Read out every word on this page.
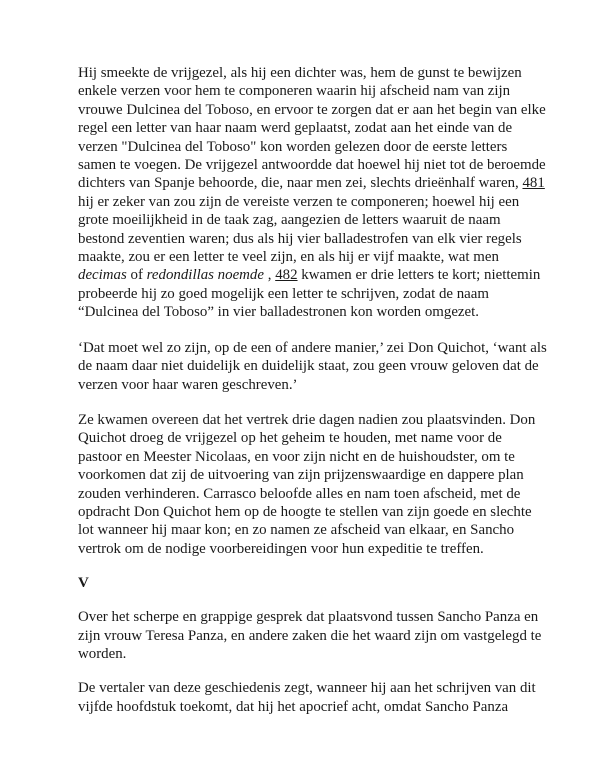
Hij smeekte de vrijgezel, als hij een dichter was, hem de gunst te bewijzen enkele verzen voor hem te componeren waarin hij afscheid nam van zijn vrouwe Dulcinea del Toboso, en ervoor te zorgen dat er aan het begin van elke regel een letter van haar naam werd geplaatst, zodat aan het einde van de verzen "Dulcinea del Toboso" kon worden gelezen door de eerste letters samen te voegen. De vrijgezel antwoordde dat hoewel hij niet tot de beroemde dichters van Spanje behoorde, die, naar men zei, slechts drieënhalf waren, 481 hij er zeker van zou zijn de vereiste verzen te componeren; hoewel hij een grote moeilijkheid in de taak zag, aangezien de letters waaruit de naam bestond zeventien waren; dus als hij vier balladestrofen van elk vier regels maakte, zou er een letter te veel zijn, en als hij er vijf maakte, wat men decimas of redondillas noemde , 482 kwamen er drie letters te kort; niettemin probeerde hij zo goed mogelijk een letter te schrijven, zodat de naam “Dulcinea del Toboso” in vier balladestronen kon worden omgezet.

‘Dat moet wel zo zijn, op de een of andere manier,’ zei Don Quichot, ‘want als de naam daar niet duidelijk en duidelijk staat, zou geen vrouw geloven dat de verzen voor haar waren geschreven.’

Ze kwamen overeen dat het vertrek drie dagen nadien zou plaatsvinden. Don Quichot droeg de vrijgezel op het geheim te houden, met name voor de pastoor en Meester Nicolaas, en voor zijn nicht en de huishoudster, om te voorkomen dat zij de uitvoering van zijn prijzenswaardige en dappere plan zouden verhinderen. Carrasco beloofde alles en nam toen afscheid, met de opdracht Don Quichot hem op de hoogte te stellen van zijn goede en slechte lot wanneer hij maar kon; en zo namen ze afscheid van elkaar, en Sancho vertrok om de nodige voorbereidingen voor hun expeditie te treffen.

V

Over het scherpe en grappige gesprek dat plaatsvond tussen Sancho Panza en zijn vrouw Teresa Panza, en andere zaken die het waard zijn om vastgelegd te worden.

De vertaler van deze geschiedenis zegt, wanneer hij aan het schrijven van dit vijfde hoofdstuk toekomt, dat hij het apocrief acht, omdat Sancho Panza
